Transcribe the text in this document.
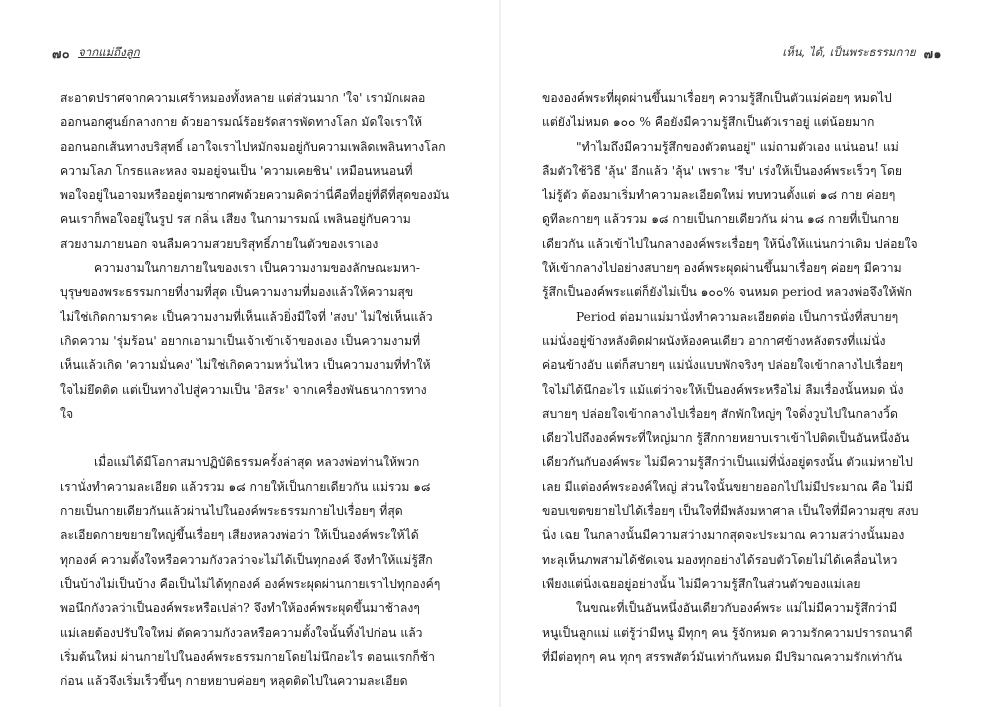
๗๐ จากแม่ถึงลูก
สะอาดปราศจากความเศร้าหมองทั้งหลาย แต่ส่วนมาก 'ใจ' เรามักเผลอ
ออกนอกศูนย์กลางกาย ด้วยอารมณ์ร้อยรัดสารพัดทางโลก มัดใจเราให้
ออกนอกเส้นทางบริสุทธิ์ เอาใจเราไปหมักจมอยู่กับความเพลิดเพลินทางโลก
ความโลภ โกรธและหลง จมอยู่จนเป็น 'ความเคยชิน' เหมือนหนอนที่
พอใจอยู่ในอาจมหรืออยู่ตามซากศพด้วยความคิดว่านี่คือที่อยู่ที่ดีที่สุดของมัน
คนเราก็พอใจอยู่ในรูป รส กลิ่น เสียง ในกามารมณ์ เพลินอยู่กับความ
สวยงามภายนอก จนลืมความสวยบริสุทธิ์ภายในตัวของเราเอง
ความงามในกายภายในของเรา เป็นความงามของลักษณะมหา-
บุรุษของพระธรรมกายที่งามที่สุด เป็นความงามที่มองแล้วให้ความสุข
ไม่ใช่เกิดกามราคะ เป็นความงามที่เห็นแล้วยิ่งมีใจที่ 'สงบ' ไม่ใช่เห็นแล้ว
เกิดความ 'รุ่มร้อน' อยากเอามาเป็นเจ้าเข้าเจ้าของเอง เป็นความงามที่
เห็นแล้วเกิด 'ความมั่นคง' ไม่ใช่เกิดความหวั่นไหว เป็นความงามที่ทำให้
ใจไม่ยึดติด แต่เป็นทางไปสู่ความเป็น 'อิสระ' จากเครื่องพันธนาการทาง
ใจ
เมื่อแม่ได้มีโอกาสมาปฏิบัติธรรมครั้งล่าสุด หลวงพ่อท่านให้พวก
เรานั่งทำความละเอียด แล้วรวม ๑๘ กายให้เป็นกายเดียวกัน แม่รวม ๑๘
กายเป็นกายเดียวกันแล้วผ่านไปในองค์พระธรรมกายไปเรื่อยๆ ที่สุด
ละเอียดกายขยายใหญ่ขึ้นเรื่อยๆ เสียงหลวงพ่อว่า ให้เป็นองค์พระให้ได้
ทุกองค์ ความตั้งใจหรือความกังวลว่าจะไม่ได้เป็นทุกองค์ จึงทำให้แม่รู้สึก
เป็นบ้างไม่เป็นบ้าง คือเป็นไม่ได้ทุกองค์ องค์พระผุดผ่านกายเราไปทุกองค์ๆ
พอนึกกังวลว่าเป็นองค์พระหรือเปล่า? จึงทำให้องค์พระผุดขึ้นมาช้าลงๆ
แม่เลยต้องปรับใจใหม่ ตัดความกังวลหรือความตั้งใจนั้นทิ้งไปก่อน แล้ว
เริ่มต้นใหม่ ผ่านกายไปในองค์พระธรรมกายโดยไม่นึกอะไร ตอนแรกก็ช้า
ก่อน แล้วจึงเริ่มเร็วขึ้นๆ กายหยาบค่อยๆ หลุดติดไปในความละเอียด
เห็น, ได้, เป็นพระธรรมกาย ๗๑
ขององค์พระที่ผุดผ่านขึ้นมาเรื่อยๆ ความรู้สึกเป็นตัวแม่ค่อยๆ หมดไป
แต่ยังไม่หมด ๑๐๐ % คือยังมีความรู้สึกเป็นตัวเราอยู่ แต่น้อยมาก
"ทำไมถึงมีความรู้สึกของตัวตนอยู่" แม่ถามตัวเอง แน่นอน! แม่
ลืมตัวใช้วิธี 'ลุ้น' อีกแล้ว 'ลุ้น' เพราะ 'รีบ' เร่งให้เป็นองค์พระเร็วๆ โดย
ไม่รู้ตัว ต้องมาเริ่มทำความละเอียดใหม่ ทบทวนตั้งแต่ ๑๘ กาย ค่อยๆ
ดูทีละกายๆ แล้วรวม ๑๘ กายเป็นกายเดียวกัน ผ่าน ๑๘ กายที่เป็นกาย
เดียวกัน แล้วเข้าไปในกลางองค์พระเรื่อยๆ ให้นิ่งให้แน่นกว่าเดิม ปล่อยใจ
ให้เข้ากลางไปอย่างสบายๆ องค์พระผุดผ่านขึ้นมาเรื่อยๆ ค่อยๆ มีความ
รู้สึกเป็นองค์พระแต่ก็ยังไม่เป็น ๑๐๐% จนหมด period หลวงพ่อจึงให้พัก
Period ต่อมาแม่มานั่งทำความละเอียดต่อ เป็นการนั่งที่สบายๆ
แม่นั่งอยู่ข้างหลังติดฝาผนังห้องคนเดียว อากาศข้างหลังตรงที่แม่นั่ง
ค่อนข้างอับ แต่ก็สบายๆ แม่นั่งแบบพักจริงๆ ปล่อยใจเข้ากลางไปเรื่อยๆ
ใจไม่ได้นึกอะไร แม้แต่ว่าจะให้เป็นองค์พระหรือไม่ ลืมเรื่องนั้นหมด นั่ง
สบายๆ ปล่อยใจเข้ากลางไปเรื่อยๆ สักพักใหญ่ๆ ใจดิ่งวูบไปในกลางวิ้ด
เดียวไปถึงองค์พระที่ใหญ่มาก รู้สึกกายหยาบเราเข้าไปติดเป็นอันหนึ่งอัน
เดียวกันกับองค์พระ ไม่มีความรู้สึกว่าเป็นแม่ที่นั่งอยู่ตรงนั้น ตัวแม่หายไป
เลย มีแต่องค์พระองค์ใหญ่ ส่วนใจนั้นขยายออกไปไม่มีประมาณ คือ ไม่มี
ขอบเขตขยายไปได้เรื่อยๆ เป็นใจที่มีพลังมหาศาล เป็นใจที่มีความสุข สงบ
นิ่ง เฉย ในกลางนั้นมีความสว่างมากสุดจะประมาณ ความสว่างนั้นมอง
ทะลุเห็นภพสามได้ชัดเจน มองทุกอย่างได้รอบตัวโดยไม่ได้เคลื่อนไหว
เพียงแต่นิ่งเฉยอยู่อย่างนั้น ไม่มีความรู้สึกในส่วนตัวของแม่เลย
ในขณะที่เป็นอันหนึ่งอันเดียวกับองค์พระ แม่ไม่มีความรู้สึกว่ามี
หนูเป็นลูกแม่ แต่รู้ว่ามีหนู มีทุกๆ คน รู้จักหมด ความรักความปรารถนาดี
ที่มีต่อทุกๆ คน ทุกๆ สรรพสัตว์มันเท่ากันหมด มีปริมาณความรักเท่ากัน
